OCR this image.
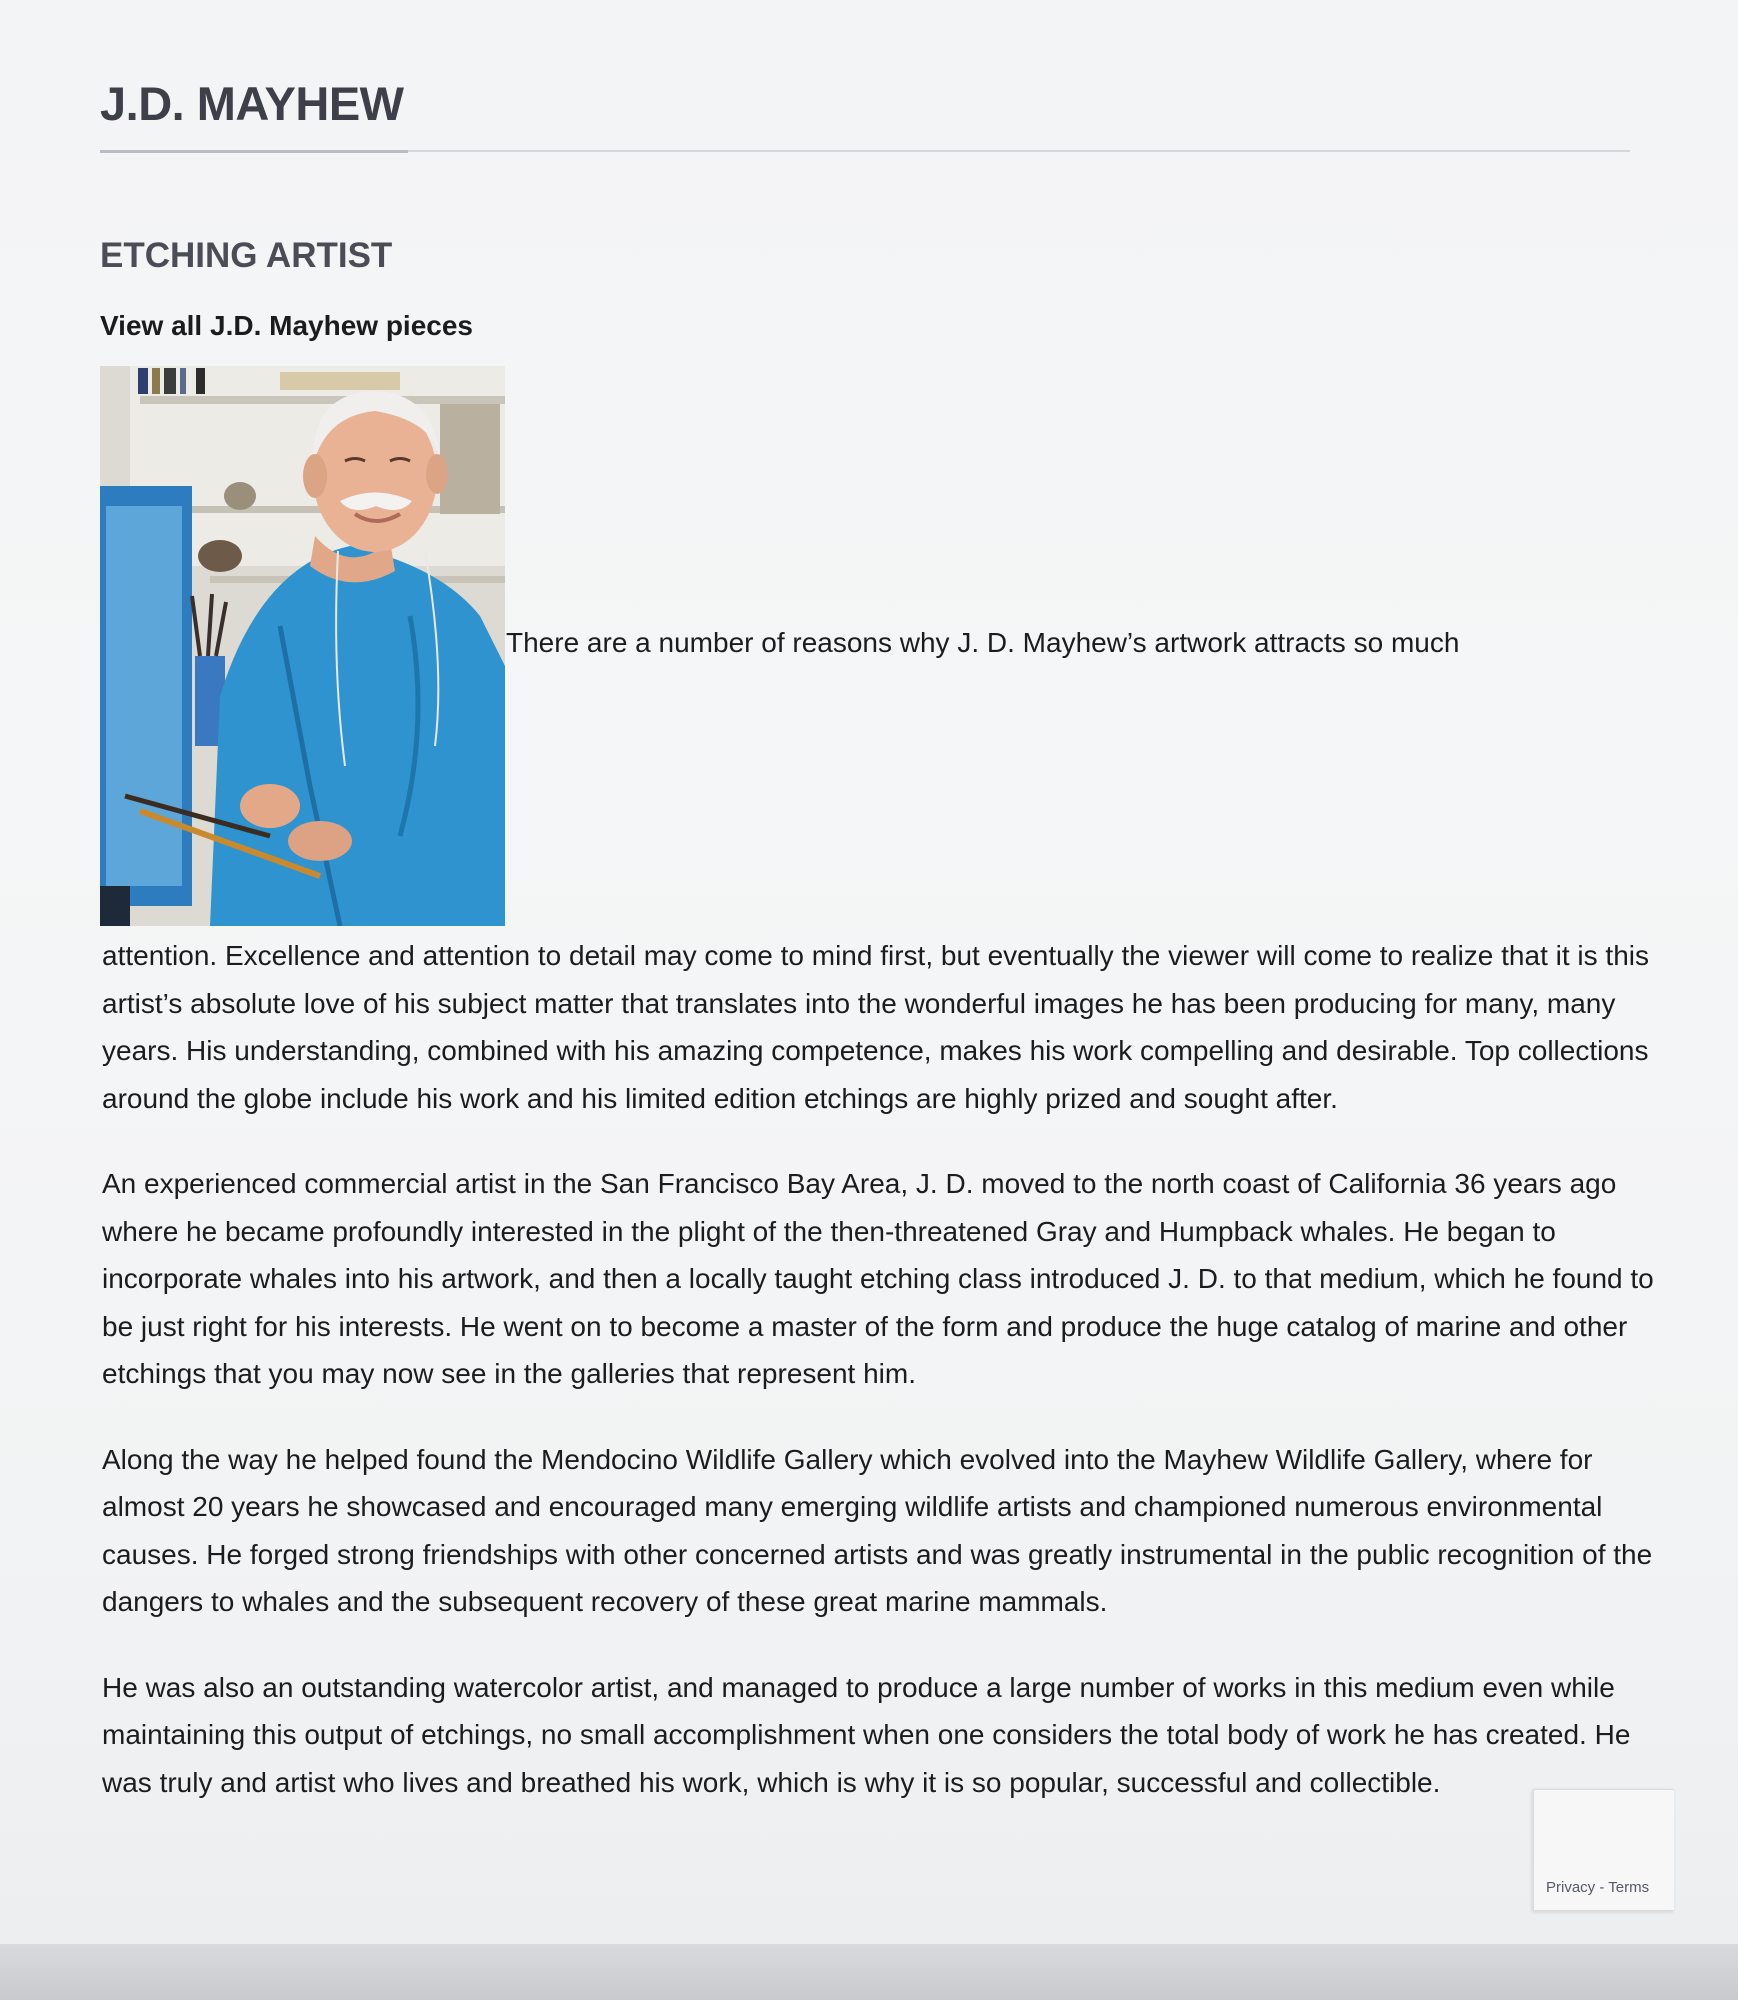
J.D. MAYHEW
ETCHING ARTIST
View all J.D. Mayhew pieces

There are a number of reasons why J. D. Mayhew’s artwork attracts so much

attention. Excellence and attention to detail may come to mind first, but eventually the viewer will come to realize that it is this artist’s absolute love of his subject matter that translates into the wonderful images he has been producing for many, many years. His understanding, combined with his amazing competence, makes his work compelling and desirable. Top collections around the globe include his work and his limited edition etchings are highly prized and sought after.

An experienced commercial artist in the San Francisco Bay Area, J. D. moved to the north coast of California 36 years ago where he became profoundly interested in the plight of the then-threatened Gray and Humpback whales. He began to incorporate whales into his artwork, and then a locally taught etching class introduced J. D. to that medium, which he found to be just right for his interests. He went on to become a master of the form and produce the huge catalog of marine and other etchings that you may now see in the galleries that represent him.

Along the way he helped found the Mendocino Wildlife Gallery which evolved into the Mayhew Wildlife Gallery, where for almost 20 years he showcased and encouraged many emerging wildlife artists and championed numerous environmental causes. He forged strong friendships with other concerned artists and was greatly instrumental in the public recognition of the dangers to whales and the subsequent recovery of these great marine mammals.

He was also an outstanding watercolor artist, and managed to produce a large number of works in this medium even while maintaining this output of etchings, no small accomplishment when one considers the total body of work he has created. He was truly and artist who lives and breathed his work, which is why it is so popular, successful and collectible.

Privacy - Terms
